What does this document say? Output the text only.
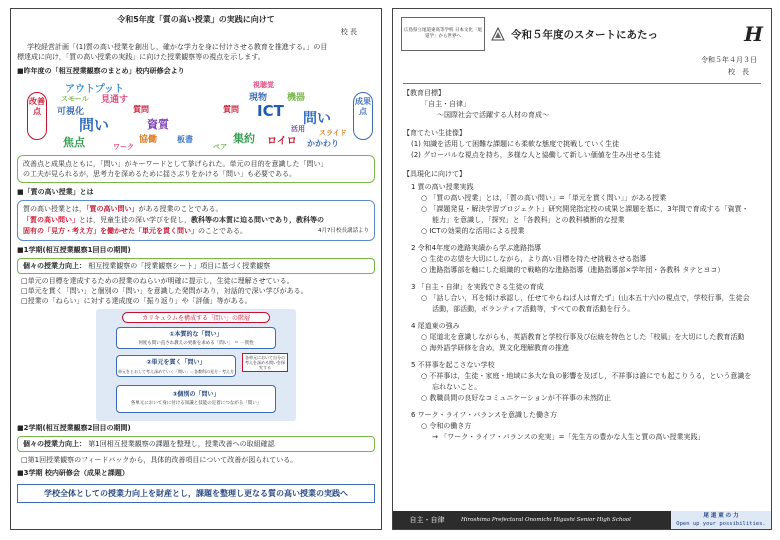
令和5年度「質の高い授業」の実践に向けて
校 長
学校経営計画「(1)質の高い授業を創出し，確かな学力を身に付けさせる教育を推進する。」の目
標達成に向け，「質の高い授業の実践」に向けた授業観察等の視点を示します。
■昨年度の「相互授業観察のまとめ」校内研修会より
改善点
成果点
アウトプット
スモール 見通す
可視化	質問
資質
問い
焦点	協働 板書
ワーク
視聴覚
現物 機器
質問 ICT 問い
集約	スライド
活用
かかわり
ロイロ
ペア
改善点と成果点ともに，「問い」がキーワードとして挙げられた。単元の目的を意識した「問い」
の工夫が見られるが，思考力を深めるために揺さぶりをかける「問い」も必要である。
■「質の高い授業」とは
質の高い授業とは，「質の高い問い」がある授業のことである。
「質の高い問い」とは，児童生徒の深い学びを促し，教科等の本質に迫る問いであり，教科等の
固有の「見方・考え方」を働かせた「単元を貫く問い」のことである。	4月7日校長講話より
■1学期(相互授業観察1回目の期間)
個々の授業力向上： 相互授業観察の「授業観察シート」項目に基づく授業観察
□単元の目標を達成するための授業のねらいが明確に提示し，生徒に理解させている。
□単元を貫く「問い」と個別の「問い」を意識した発問があり，対話的で深い学びがある。
□授業の「ねらい」に対する達成度の「振り返り」や「評価」等がある。
カリキュラムを構成する「問い」の階層
①本質的な「問い」
何度も問い直され教えの更新を求める「問い」 ＝ 一貫性
②単元を貫く「問い」
単元をとおして考え深めていく「問い」＝各教科の見方・考え方
各単元において自分の考えを深める問いを探究する
③個別の「問い」
各単元において身に付ける知識と技能の定着につながる「問い」
■2学期(相互授業観察2回目の期間)
個々の授業力向上： 第1回相互授業観察の課題を整理し，授業改善への取組確認
□第1回授業観察のフィードバックから，具体的改善項目について改善が図られている。
■3学期 校内研修会（成果と課題）
学校全体としての授業力向上を財産とし，課題を整理し更なる質の高い授業の実践へ
広島県立尾道東高等学校 日本文化「尾道学」から世界へ	令和５年度のスタートにあたっ	H
令和５年４月３日
校　長
【教育目標】
「自主・自律」
～国際社会で活躍する人材の育成～
【育てたい生徒像】
(1) 知識を活用して困難な課題にも柔軟な態度で挑戦していく生徒
(2) グローバルな視点を持ち，多様な人と協働して新しい価値を生み出せる生徒
【具現化に向けて】
1 質の高い授業実践
○ 「質の高い授業」とは，「質の高い問い」=「単元を貫く問い」」がある授業
○ 「課題発見・解決学習プロジェクト」研究開発指定校の成果と課題を基に，3年間で育成する「資質・
能力」を意識し，「探究」と「各教科」との教科横断的な授業
○ ICTの効果的な活用による授業
2 令和4年度の進路実績から学ぶ進路指導
○ 生徒の志望を大切にしながら，より高い目標を持たせ挑戦させる指導
○ 進路指導部を軸にした組織的で戦略的な進路指導（進路指導部×学年団・各教科 タテとヨコ）
3 「自主・自律」を実践できる生徒の育成
○ 「話し合い，耳を傾け承認し，任せてやらねば人は育たず」(山本五十六)の視点で，学校行事，生徒会
活動，部活動，ボランティア活動等，すべての教育活動を行う。
4 尾道東の強み
○ 尾道北を意識しながらも，英語教育と学校行事及び伝統を特色とした「校風」を大切にした教育活動
○ 海外語学研修を含め，異文化理解教育の推進
5 不祥事を起こさない学校
○ 不祥事は，生徒・家庭・地域に多大な負の影響を及ぼし，不祥事は誰にでも起こりうる，という意識を
忘れないこと。
○ 教職員間の良好なコミュニケーションが不祥事の未然防止
6 ワーク・ライフ・バランスを意識した働き方
○ 令和の働き方
→ 「ワーク・ライフ・バランスの充実」=「先生方の豊かな人生と質の高い授業実践」
自主・自律	Hiroshima Prefectural Onomichi Higashi Senior High School
尾 道 東 の 力
Open up your possibilities.
